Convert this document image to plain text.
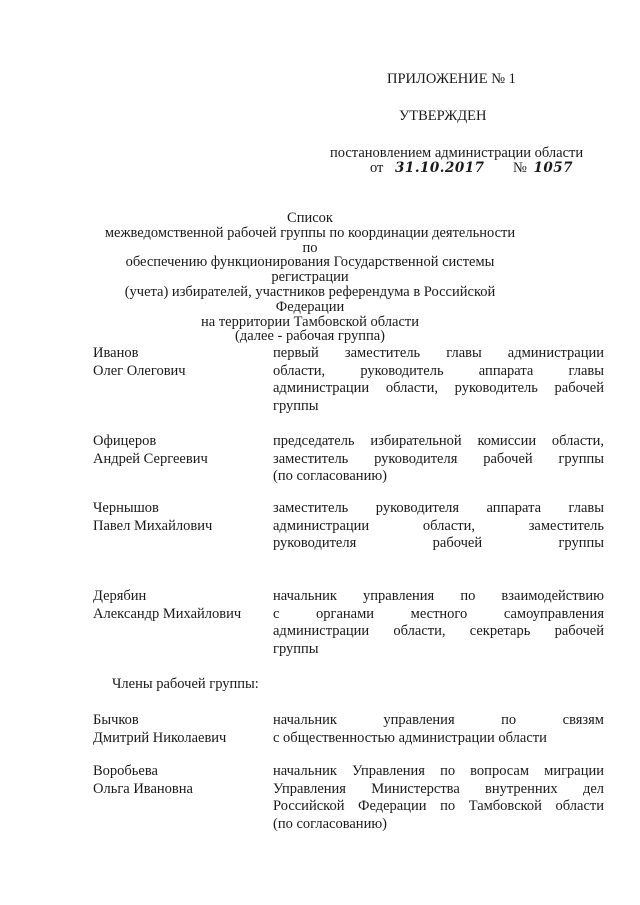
ПРИЛОЖЕНИЕ № 1
УТВЕРЖДЕН
постановлением администрации области
от 31.10.2017 № 1057
Список
межведомственной рабочей группы по координации деятельности по
обеспечению функционирования Государственной системы регистрации
(учета) избирателей, участников референдума в Российской Федерации
на территории Тамбовской области
(далее - рабочая группа)
Иванов
Олег Олегович
первый заместитель главы администрации
области, руководитель аппарата главы
администрации области, руководитель рабочей
группы
Офицеров
Андрей Сергеевич
председатель избирательной комиссии области,
заместитель руководителя рабочей группы
(по согласованию)
Чернышов
Павел Михайлович
заместитель руководителя аппарата главы
администрации области, заместитель
руководителя рабочей группы
Дерябин
Александр Михайлович
начальник управления по взаимодействию
с органами местного самоуправления
администрации области, секретарь рабочей
группы
Члены рабочей группы:
Бычков
Дмитрий Николаевич
начальник управления по связям
с общественностью администрации области
Воробьева
Ольга Ивановна
начальник Управления по вопросам миграции
Управления Министерства внутренних дел
Российской Федерации по Тамбовской области
(по согласованию)
